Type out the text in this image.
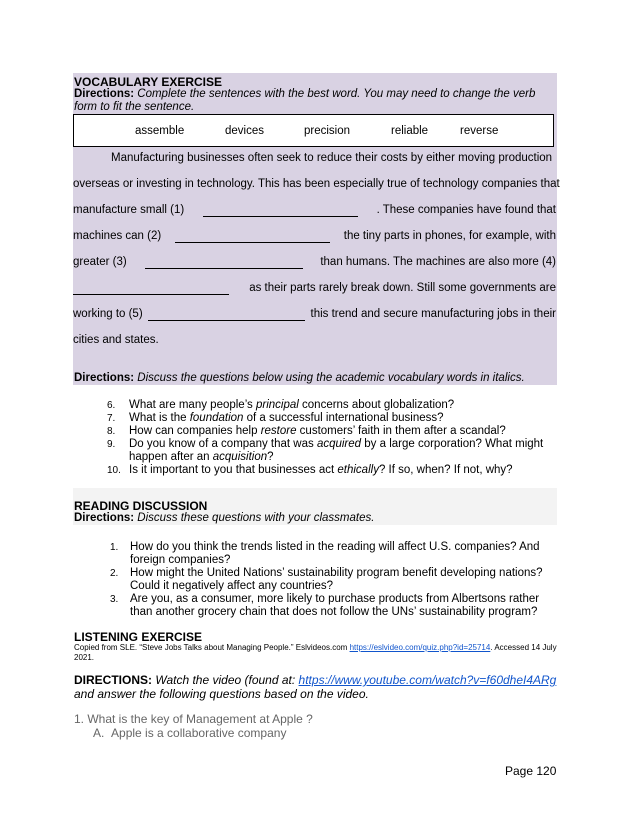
VOCABULARY EXERCISE
Directions: Complete the sentences with the best word. You may need to change the verb form to fit the sentence.
assemble	devices	precision	reliable	reverse
Manufacturing businesses often seek to reduce their costs by either moving production
overseas or investing in technology. This has been especially true of technology companies that
manufacture small (1)	. These companies have found that
machines can (2)	the tiny parts in phones, for example, with
greater (3)	than humans. The machines are also more (4)
as their parts rarely break down. Still some governments are
working to (5)	this trend and secure manufacturing jobs in their
cities and states.
Directions: Discuss the questions below using the academic vocabulary words in italics.
6.	What are many people’s principal concerns about globalization?
7.	What is the foundation of a successful international business?
8.	How can companies help restore customers’ faith in them after a scandal?
9.	Do you know of a company that was acquired by a large corporation? What might happen after an acquisition?
10. Is it important to you that businesses act ethically? If so, when? If not, why?
READING DISCUSSION
Directions: Discuss these questions with your classmates.
1. How do you think the trends listed in the reading will affect U.S. companies? And foreign companies?
2. How might the United Nations’ sustainability program benefit developing nations? Could it negatively affect any countries?
3. Are you, as a consumer, more likely to purchase products from Albertsons rather than another grocery chain that does not follow the UNs’ sustainability program?
LISTENING EXERCISE
Copied from SLE. “Steve Jobs Talks about Managing People.” Eslvideos.com https://eslvideo.com/quiz.php?id=25714. Accessed 14 July 2021.
DIRECTIONS: Watch the video (found at: https://www.youtube.com/watch?v=f60dheI4ARg and answer the following questions based on the video.
1. What is the key of Management at Apple ?
A. Apple is a collaborative company
Page 120
